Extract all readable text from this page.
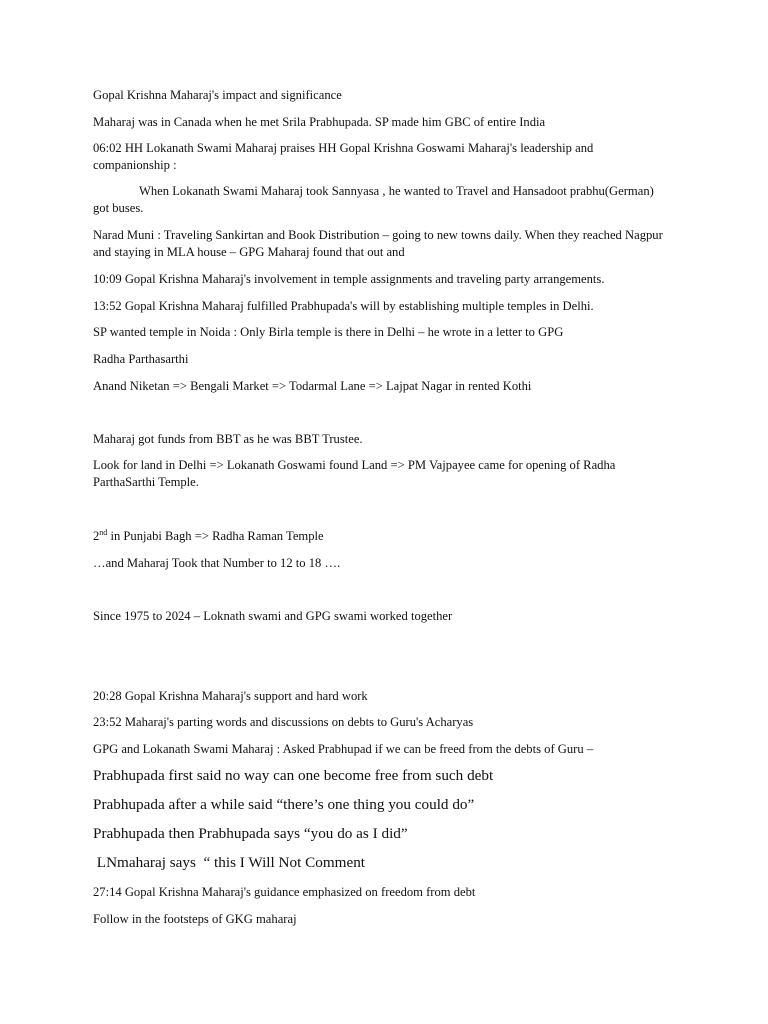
Gopal Krishna Maharaj's impact and significance
Maharaj was in Canada when he met Srila Prabhupada. SP made him GBC of entire India
06:02 HH Lokanath Swami Maharaj praises HH Gopal Krishna Goswami Maharaj's leadership and companionship :
When Lokanath Swami Maharaj took Sannyasa , he wanted to Travel and Hansadoot prabhu(German) got buses.
Narad Muni : Traveling Sankirtan and Book Distribution – going to new towns daily. When they reached Nagpur and staying in MLA house – GPG Maharaj found that out and
10:09 Gopal Krishna Maharaj's involvement in temple assignments and traveling party arrangements.
13:52 Gopal Krishna Maharaj fulfilled Prabhupada's will by establishing multiple temples in Delhi.
SP wanted temple in Noida : Only Birla temple is there in Delhi – he wrote in a letter to GPG
Radha Parthasarthi
Anand Niketan => Bengali Market => Todarmal Lane => Lajpat Nagar in rented Kothi
Maharaj got funds from BBT as he was BBT Trustee.
Look for land in Delhi => Lokanath Goswami found Land => PM Vajpayee came for opening of Radha ParthaSarthi Temple.
2nd in Punjabi Bagh => Radha Raman Temple
…and Maharaj Took that Number to 12 to 18 ….
Since 1975 to 2024 – Loknath swami and GPG swami worked together
20:28 Gopal Krishna Maharaj's support and hard work
23:52 Maharaj's parting words and discussions on debts to Guru's Acharyas
GPG and Lokanath Swami Maharaj : Asked Prabhupad if we can be freed from the debts of Guru –
Prabhupada first said no way can one become free from such debt
Prabhupada after a while said “there’s one thing you could do”
Prabhupada then Prabhupada says “you do as I did”
LNmaharaj says  “ this I Will Not Comment
27:14 Gopal Krishna Maharaj's guidance emphasized on freedom from debt
Follow in the footsteps of GKG maharaj
